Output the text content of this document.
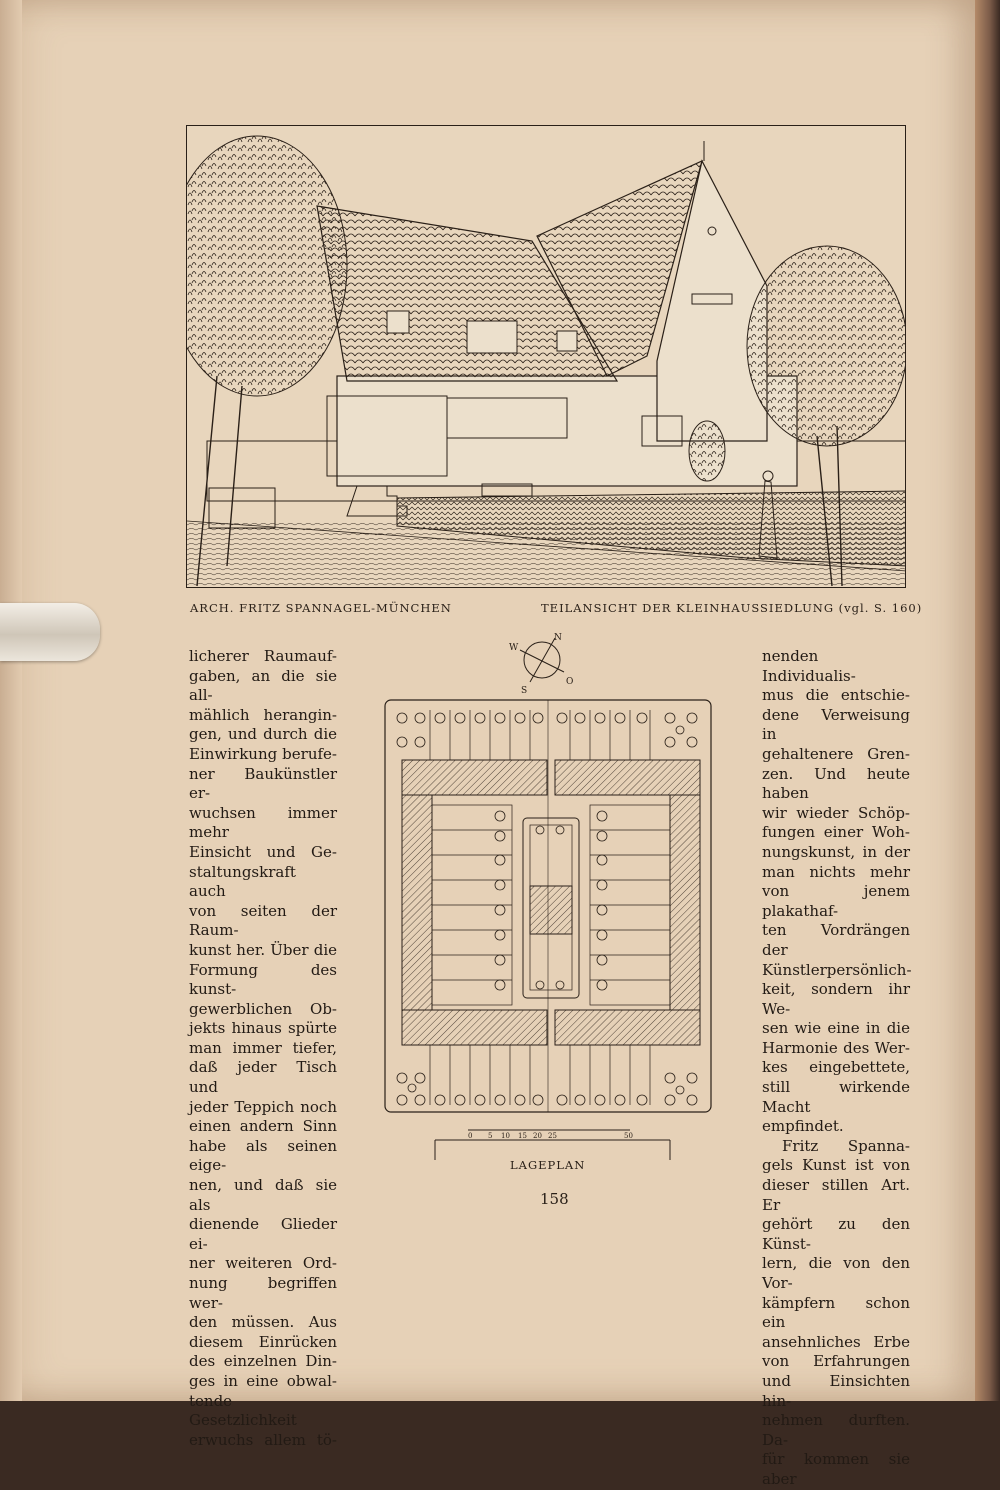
ARCH. FRITZ SPANNAGEL-MÜNCHEN	TEILANSICHT DER KLEINHAUSSIEDLUNG (vgl. S. 160)
licherer Raumauf-
gaben, an die sie all-
mählich herangin-
gen, und durch die
Einwirkung berufe-
ner Baukünstler er-
wuchsen immer mehr
Einsicht und Ge-
staltungskraft auch
von seiten der Raum-
kunst her. Über die
Formung des kunst-
gewerblichen Ob-
jekts hinaus spürte
man immer tiefer,
daß jeder Tisch und
jeder Teppich noch
einen andern Sinn
habe als seinen eige-
nen, und daß sie als
dienende Glieder ei-
ner weiteren Ord-
nung begriffen wer-
den müssen. Aus
diesem Einrücken
des einzelnen Din-
ges in eine obwal-
tende Gesetzlichkeit
erwuchs allem tö-
nenden Individualis-
mus die entschie-
dene Verweisung in
gehaltenere Gren-
zen. Und heute haben
wir wieder Schöp-
fungen einer Woh-
nungskunst, in der
man nichts mehr
von jenem plakathaf-
ten Vordrängen der
Künstlerpersönlich-
keit, sondern ihr We-
sen wie eine in die
Harmonie des Wer-
kes eingebettete,
still wirkende Macht
empfindet.
Fritz Spanna-
gels Kunst ist von
dieser stillen Art. Er
gehört zu den Künst-
lern, die von den Vor-
kämpfern schon ein
ansehnliches Erbe
von Erfahrungen
und Einsichten hin-
nehmen durften. Da-
für kommen sie aber
N
W
S
O
0 5 10 15 20 25	50
LAGEPLAN
158
